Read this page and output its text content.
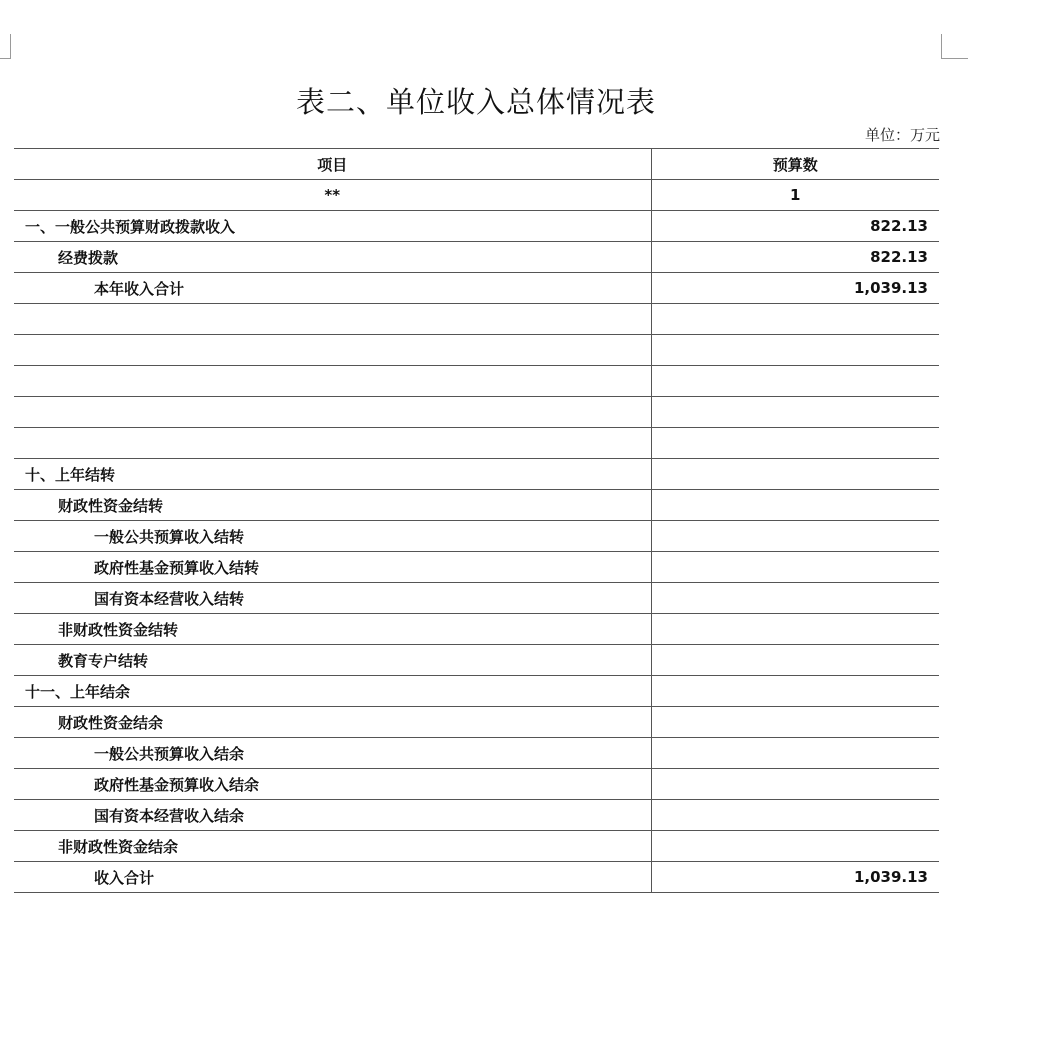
表二、单位收入总体情况表
单位：万元
项目	预算数
**	1
一、一般公共预算财政拨款收入	822.13
经费拨款	822.13
本年收入合计	1,039.13

十、上年结转	
财政性资金结转	
一般公共预算收入结转	
政府性基金预算收入结转	
国有资本经营收入结转	
非财政性资金结转	
教育专户结转	
十一、上年结余	
财政性资金结余	
一般公共预算收入结余	
政府性基金预算收入结余	
国有资本经营收入结余	
非财政性资金结余	
收入合计	1,039.13
